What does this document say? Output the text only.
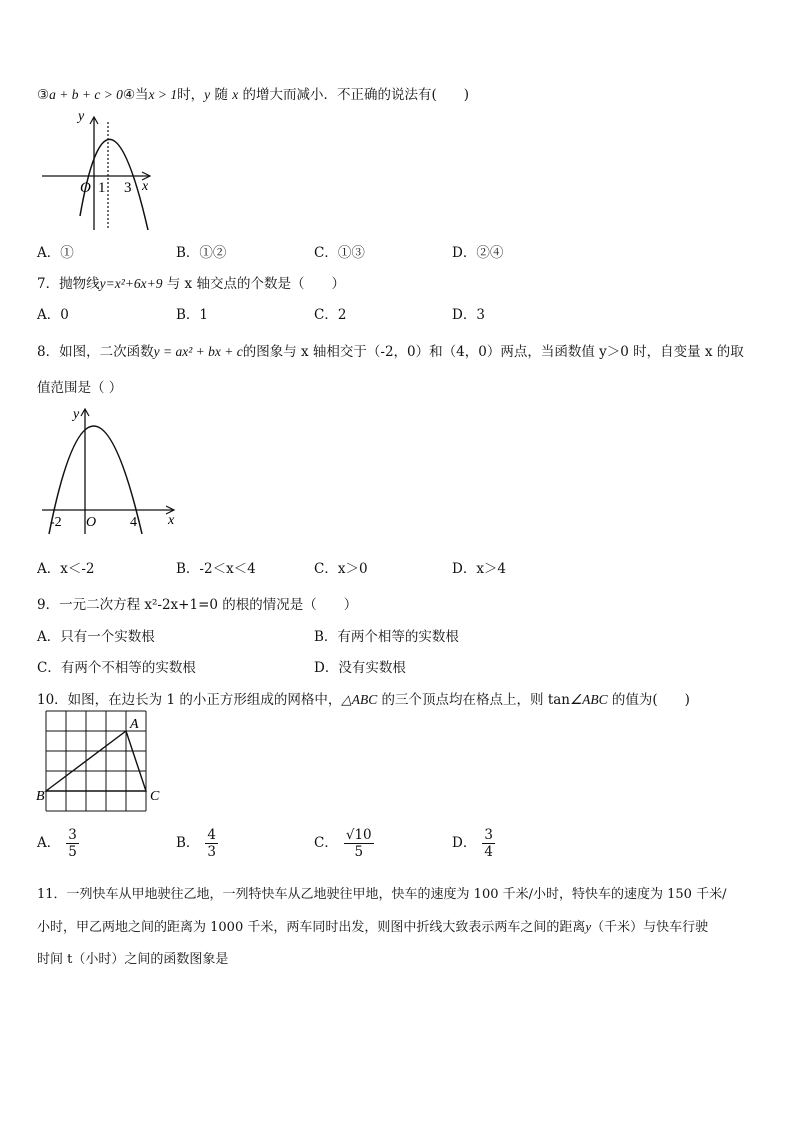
③a + b + c > 0④当x > 1时，y 随 x 的增大而减小．不正确的说法有(　　)
y
x
O 1 3
A．①	B．①②	C．①③	D．②④
7．抛物线y=x²+6x+9 与 x 轴交点的个数是（　　）
A．0	B．1	C．2	D．3
8．如图，二次函数y = ax² + bx + c的图象与 x 轴相交于（-2，0）和（4，0）两点，当函数值 y＞0 时，自变量 x 的取
值范围是（ ）
y
x
O
-2	4
A．x＜-2	B．-2＜x＜4	C．x＞0	D．x＞4
9．一元二次方程 x²-2x+1=0 的根的情况是（　　）
A．只有一个实数根	B．有两个相等的实数根
C．有两个不相等的实数根	D．没有实数根
10．如图，在边长为 1 的小正方形组成的网格中，△ABC 的三个顶点均在格点上，则 tan∠ABC 的值为(　　)
A
B	C
A． $\frac{3}{5}$	B． $\frac{4}{3}$	C． $\frac{√10}{5}$	D． $\frac{3}{4}$
11．一列快车从甲地驶往乙地，一列特快车从乙地驶往甲地，快车的速度为 100 千米/小时，特快车的速度为 150 千米/
小时，甲乙两地之间的距离为 1000 千米，两车同时出发，则图中折线大致表示两车之间的距离y（千米）与快车行驶
时间 t（小时）之间的函数图象是
